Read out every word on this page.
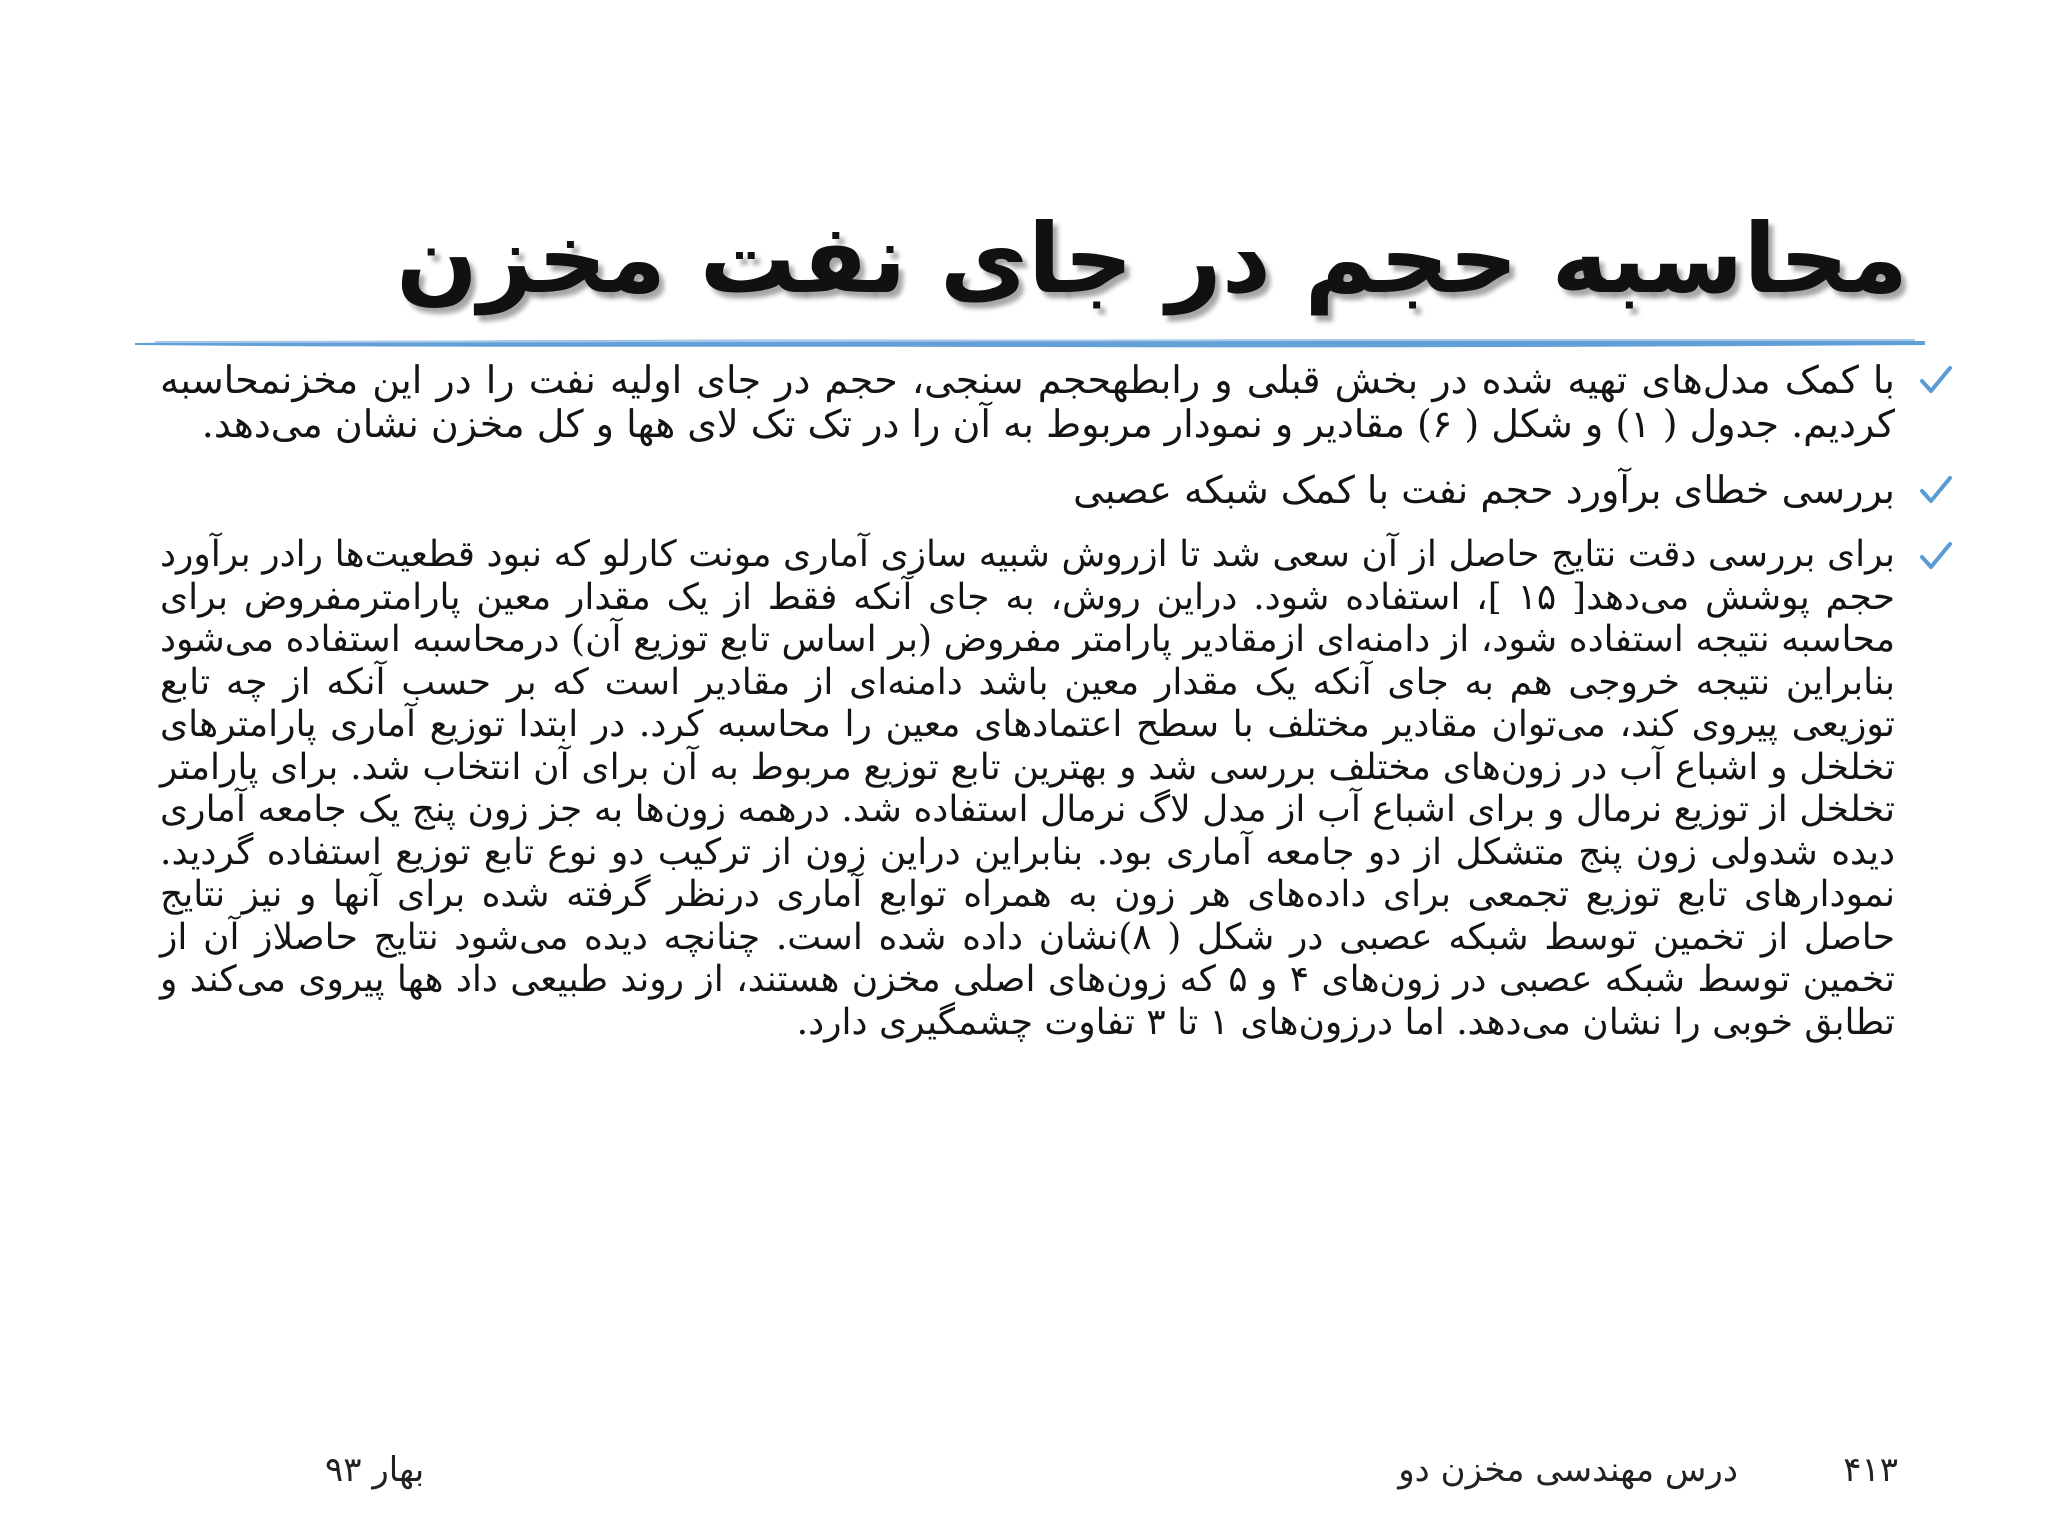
محاسبه حجم در جای نفت مخزن
با کمک مدل‌های تهیه شده در بخش قبلی و رابطهحجم سنجی، حجم در جای اولیه نفت را در این مخزنمحاسبه کردیم. جدول ( ۱) و شکل ( ۶) مقادیر و نمودار مربوط به آن را در تک تک لای هها و کل مخزن نشان می‌دهد.
بررسی خطای برآورد حجم نفت با کمک شبکه عصبی
برای بررسی دقت نتایج حاصل از آن سعی شد تا ازروش شبیه سازی آماری مونت کارلو که نبود قطعیت‌ها رادر برآورد حجم پوشش می‌دهد[ ۱۵ ]، استفاده شود. دراین روش، به جای آنکه فقط از یک مقدار معین پارامترمفروض برای محاسبه نتیجه استفاده شود، از دامنه‌ای ازمقادیر پارامتر مفروض (بر اساس تابع توزیع آن) درمحاسبه استفاده می‌شود بنابراین نتیجه خروجی هم به جای آنکه یک مقدار معین باشد دامنه‌ای از مقادیر است که بر حسب آنکه از چه تابع توزیعی پیروی کند، می‌توان مقادیر مختلف با سطح اعتمادهای معین را محاسبه کرد. در ابتدا توزیع آماری پارامترهای تخلخل و اشباع آب در زون‌های مختلف بررسی شد و بهترین تابع توزیع مربوط به آن برای آن انتخاب شد. برای پارامتر تخلخل از توزیع نرمال و برای اشباع آب از مدل لاگ نرمال استفاده شد. درهمه زون‌ها به جز زون پنج یک جامعه آماری دیده شدولی زون پنج متشکل از دو جامعه آماری بود. بنابراین دراین زون از ترکیب دو نوع تابع توزیع استفاده گردید. نمودارهای تابع توزیع تجمعی برای داده‌های هر زون به همراه توابع آماری درنظر گرفته شده برای آنها و نیز نتایج حاصل از تخمین توسط شبکه عصبی در شکل ( ۸)نشان داده شده است. چنانچه دیده می‌شود نتایج حاصلاز آن از تخمین توسط شبکه عصبی در زون‌های ۴ و ۵ که زون‌های اصلی مخزن هستند، از روند طبیعی داد هها پیروی می‌کند و تطابق خوبی را نشان می‌دهد. اما درزون‌های ۱ تا ۳ تفاوت چشمگیری دارد.
۴۱۳
درس مهندسی مخزن دو
بهار ۹۳
